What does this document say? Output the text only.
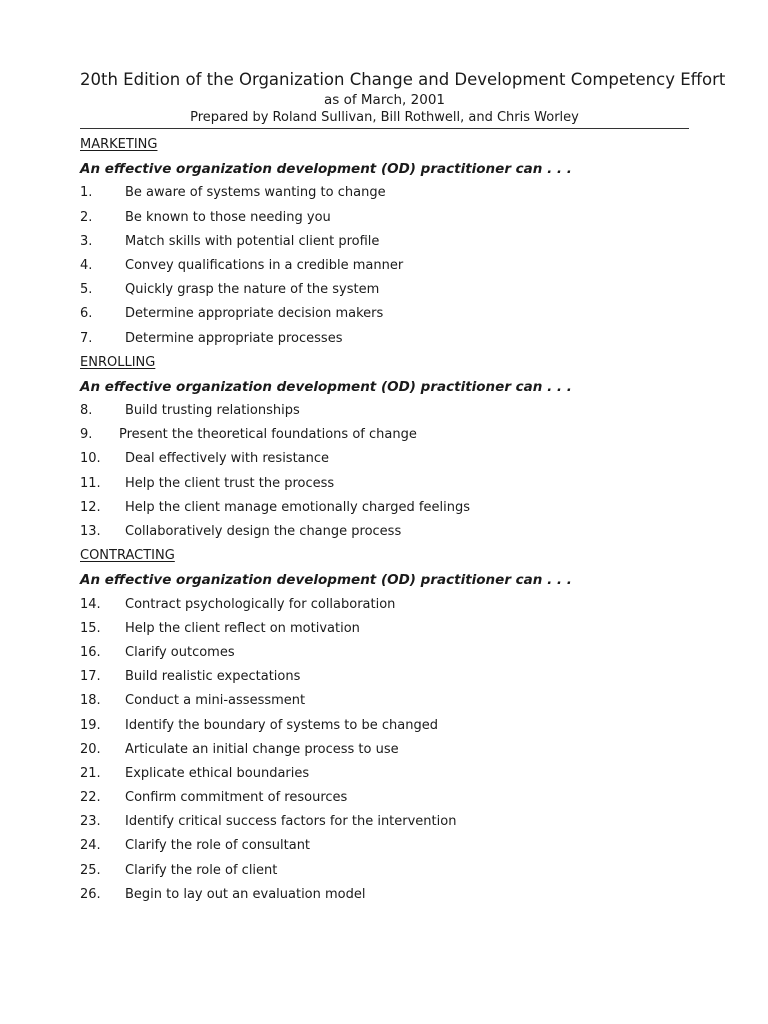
20th Edition of the Organization Change and Development Competency Effort
as of March, 2001
Prepared by Roland Sullivan, Bill Rothwell, and Chris Worley
MARKETING
An effective organization development (OD) practitioner can . . .
1.	Be aware of systems wanting to change
2.	Be known to those needing you
3.	Match skills with potential client profile
4.	Convey qualifications in a credible manner
5.	Quickly grasp the nature of the system
6.	Determine appropriate decision makers
7.	Determine appropriate processes
ENROLLING
An effective organization development (OD) practitioner can . . .
8.	Build trusting relationships
9. Present the theoretical foundations of change
10. Deal effectively with resistance
11. Help the client trust the process
12. Help the client manage emotionally charged feelings
13. Collaboratively design the change process
CONTRACTING
An effective organization development (OD) practitioner can . . .
14. Contract psychologically for collaboration
15. Help the client reflect on motivation
16. Clarify outcomes
17. Build realistic expectations
18. Conduct a mini-assessment
19. Identify the boundary of systems to be changed
20. Articulate an initial change process to use
21. Explicate ethical boundaries
22. Confirm commitment of resources
23. Identify critical success factors for the intervention
24. Clarify the role of consultant
25. Clarify the role of client
26. Begin to lay out an evaluation model
